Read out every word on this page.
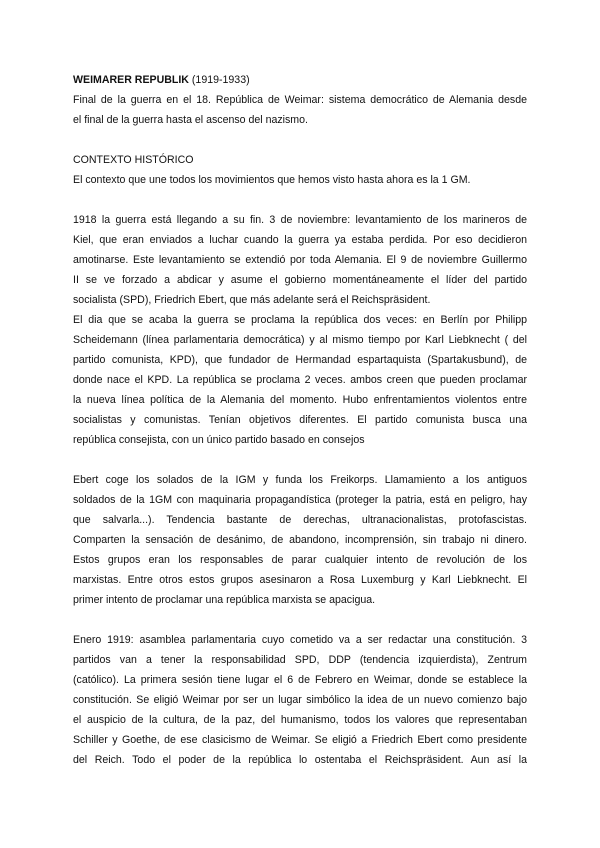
WEIMARER REPUBLIK (1919-1933)
Final de la guerra en el 18. República de Weimar: sistema democrático de Alemania desde
el final de la guerra hasta el ascenso del nazismo.
CONTEXTO HISTÓRICO
El contexto que une todos los movimientos que hemos visto hasta ahora es la 1 GM.
1918 la guerra está llegando a su fin. 3 de noviembre: levantamiento de los marineros de
Kiel, que eran enviados a luchar cuando la guerra ya estaba perdida. Por eso decidieron
amotinarse. Este levantamiento se extendió por toda Alemania. El 9 de noviembre Guillermo
II se ve forzado a abdicar y asume el gobierno momentáneamente el líder del partido
socialista (SPD), Friedrich Ebert, que más adelante será el Reichspräsident.
El dia que se acaba la guerra se proclama la república dos veces: en Berlín por Philipp
Scheidemann (línea parlamentaria democrática) y al mismo tiempo por Karl Liebknecht ( del
partido comunista, KPD), que fundador de Hermandad espartaquista (Spartakusbund), de
donde nace el KPD. La república se proclama 2 veces. ambos creen que pueden proclamar
la nueva línea política de la Alemania del momento. Hubo enfrentamientos violentos entre
socialistas y comunistas. Tenían objetivos diferentes. El partido comunista busca una
república consejista, con un único partido basado en consejos
Ebert coge los solados de la IGM y funda los Freikorps. Llamamiento a los antiguos
soldados de la 1GM con maquinaria propagandística (proteger la patria, está en peligro, hay
que salvarla...). Tendencia bastante de derechas, ultranacionalistas, protofascistas.
Comparten la sensación de desánimo, de abandono, incomprensión, sin trabajo ni dinero.
Estos grupos eran los responsables de parar cualquier intento de revolución de los
marxistas. Entre otros estos grupos asesinaron a Rosa Luxemburg y Karl Liebknecht. El
primer intento de proclamar una república marxista se apacigua.
Enero 1919: asamblea parlamentaria cuyo cometido va a ser redactar una constitución. 3
partidos van a tener la responsabilidad SPD, DDP (tendencia izquierdista), Zentrum
(católico). La primera sesión tiene lugar el 6 de Febrero en Weimar, donde se establece la
constitución. Se eligió Weimar por ser un lugar simbólico la idea de un nuevo comienzo bajo
el auspicio de la cultura, de la paz, del humanismo, todos los valores que representaban
Schiller y Goethe, de ese clasicismo de Weimar. Se eligió a Friedrich Ebert como presidente
del Reich. Todo el poder de la república lo ostentaba el Reichspräsident. Aun así la
